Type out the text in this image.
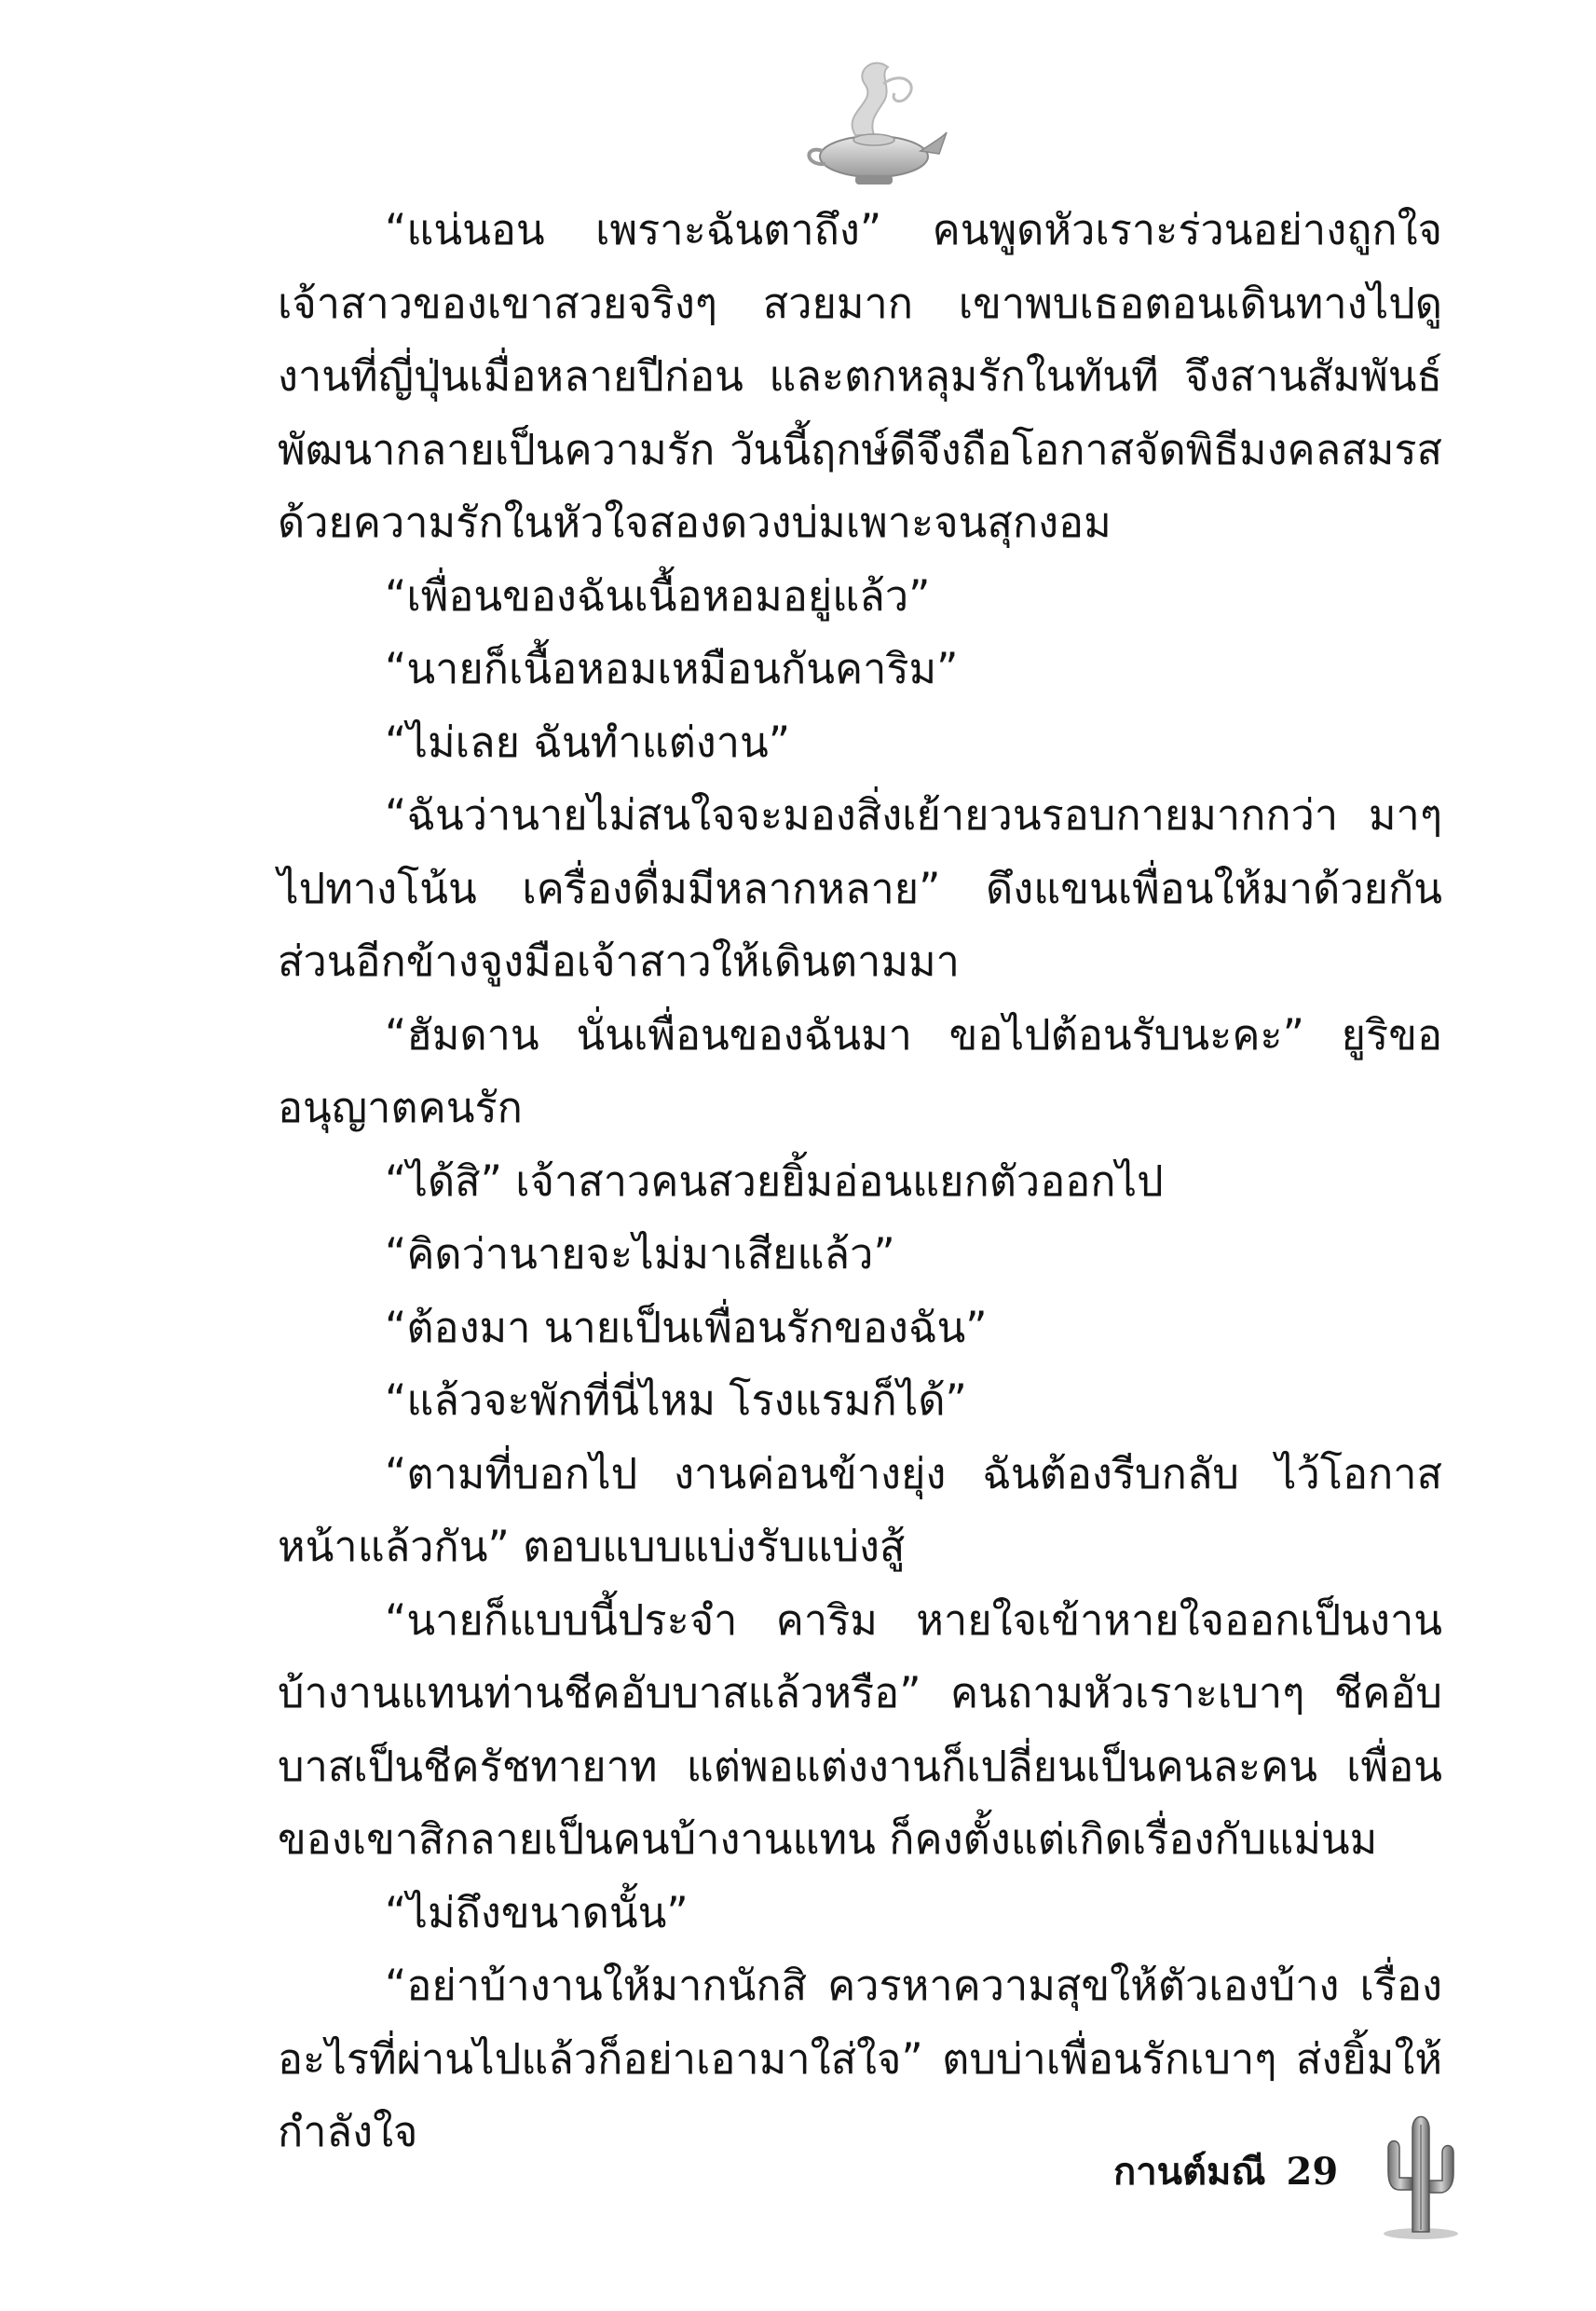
“แน่นอน เพราะฉันตาถึง” คนพูดหัวเราะร่วนอย่างถูกใจ เจ้าสาวของเขาสวยจริงๆ สวยมาก เขาพบเธอตอนเดินทางไปดูงานที่ญี่ปุ่นเมื่อหลายปีก่อน และตกหลุมรักในทันที จึงสานสัมพันธ์พัฒนากลายเป็นความรัก วันนี้ฤกษ์ดีจึงถือโอกาสจัดพิธีมงคลสมรส ด้วยความรักในหัวใจสองดวงบ่มเพาะจนสุกงอม

“เพื่อนของฉันเนื้อหอมอยู่แล้ว”

“นายก็เนื้อหอมเหมือนกันคาริม”

“ไม่เลย ฉันทำแต่งาน”

“ฉันว่านายไม่สนใจจะมองสิ่งเย้ายวนรอบกายมากกว่า มาๆ ไปทางโน้น เครื่องดื่มมีหลากหลาย” ดึงแขนเพื่อนให้มาด้วยกัน ส่วนอีกข้างจูงมือเจ้าสาวให้เดินตามมา

“ฮัมดาน นั่นเพื่อนของฉันมา ขอไปต้อนรับนะคะ” ยูริขออนุญาตคนรัก

“ได้สิ” เจ้าสาวคนสวยยิ้มอ่อนแยกตัวออกไป

“คิดว่านายจะไม่มาเสียแล้ว”

“ต้องมา นายเป็นเพื่อนรักของฉัน”

“แล้วจะพักที่นี่ไหม โรงแรมก็ได้”

“ตามที่บอกไป งานค่อนข้างยุ่ง ฉันต้องรีบกลับ ไว้โอกาสหน้าแล้วกัน” ตอบแบบแบ่งรับแบ่งสู้

“นายก็แบบนี้ประจำ คาริม หายใจเข้าหายใจออกเป็นงาน บ้างานแทนท่านชีคอับบาสแล้วหรือ” คนถามหัวเราะเบาๆ ชีคอับบาสเป็นชีครัชทายาท แต่พอแต่งงานก็เปลี่ยนเป็นคนละคน เพื่อนของเขาสิกลายเป็นคนบ้างานแทน ก็คงตั้งแต่เกิดเรื่องกับแม่นม

“ไม่ถึงขนาดนั้น”

“อย่าบ้างานให้มากนักสิ ควรหาความสุขให้ตัวเองบ้าง เรื่องอะไรที่ผ่านไปแล้วก็อย่าเอามาใส่ใจ” ตบบ่าเพื่อนรักเบาๆ ส่งยิ้มให้กำลังใจ

กานต์มณี 29
